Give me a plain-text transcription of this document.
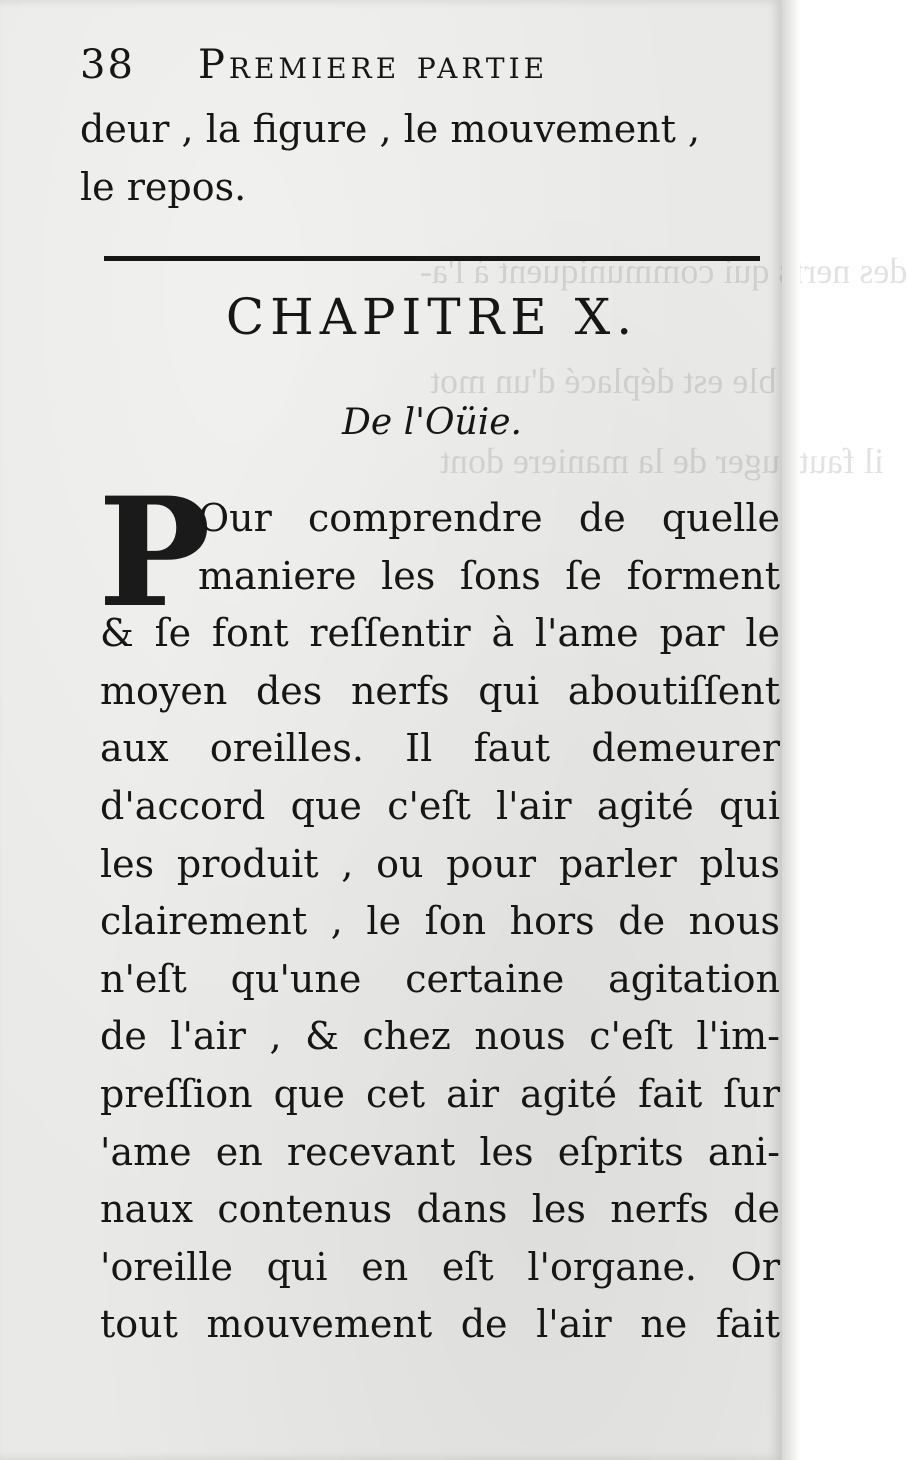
des nerfs qui communiquent à l'a-
ble est déplacé d'un mot
il faut juger de la maniere dont
38 Premiere partie
deur , la figure , le mouvement ,
le repos.
CHAPITRE X.
De l'Oüie.
P
Our comprendre de quelle
maniere les ſons ſe forment
& ſe font reſſentir à l'ame par le
moyen des nerfs qui aboutiſſent
aux oreilles. Il faut demeurer
d'accord que c'eſt l'air agité qui
les produit , ou pour parler plus
clairement , le ſon hors de nous
n'eſt qu'une certaine agitation
de l'air , & chez nous c'eſt l'im-
preſſion que cet air agité fait ſur
'ame en recevant les eſprits ani-
naux contenus dans les nerfs de
'oreille qui en eſt l'organe. Or
tout mouvement de l'air ne fait
